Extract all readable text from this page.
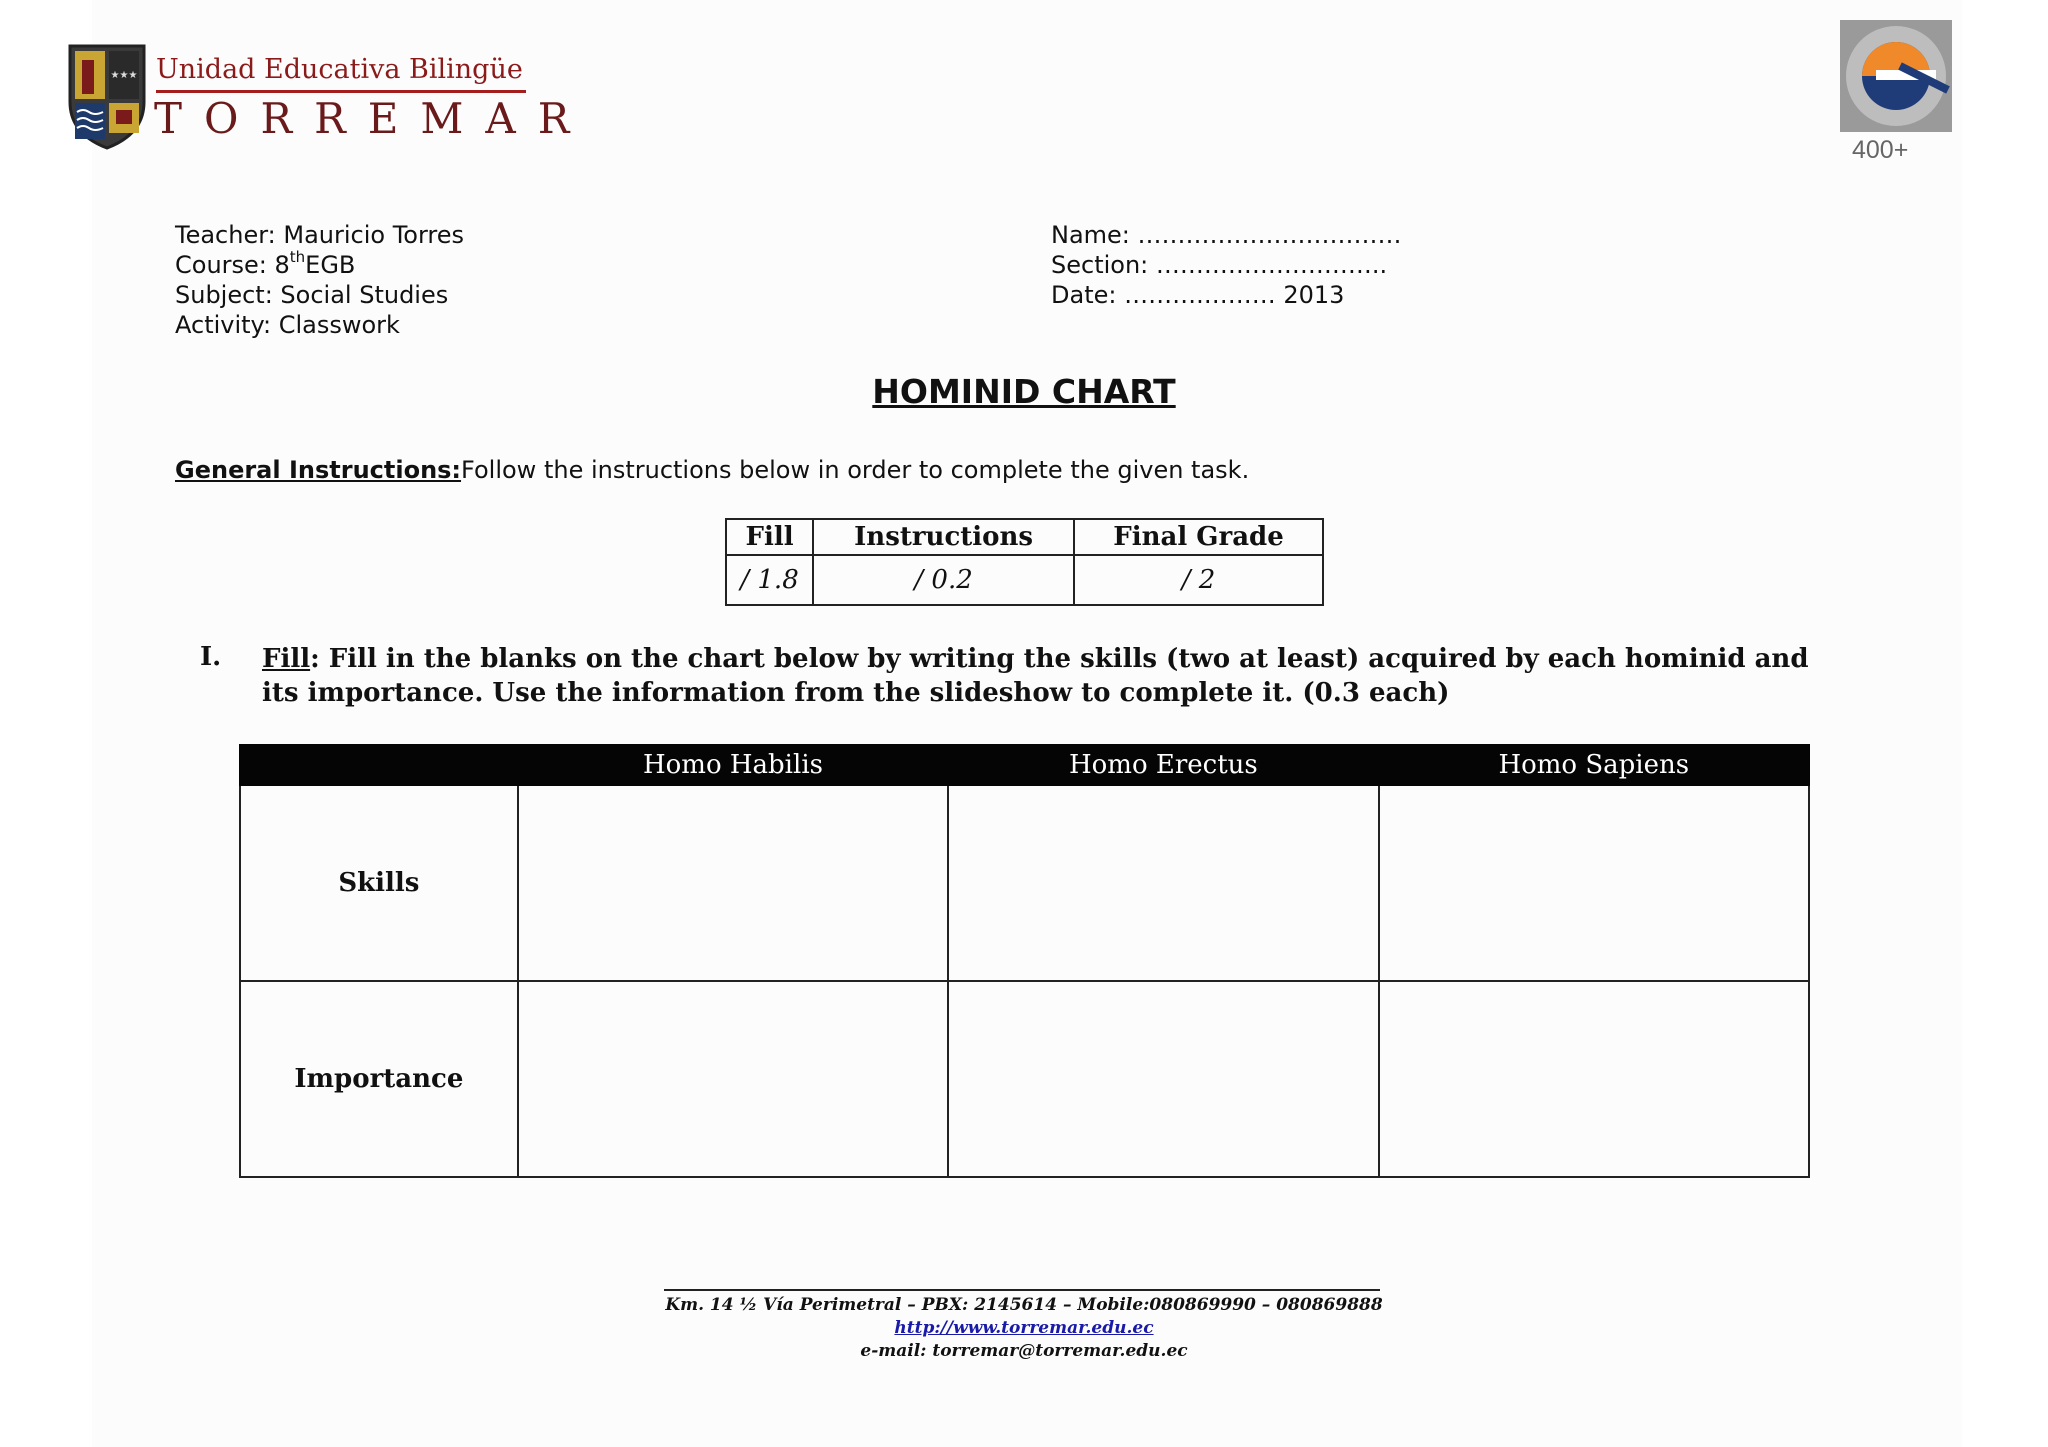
★★★ Unidad Educativa Bilingüe
TORREMAR
400+
Teacher: Mauricio Torres
Course: 8thEGB
Subject: Social Studies
Activity: Classwork
Name: ……………………………
Section: ………………………..
Date: ……….……… 2013
HOMINID CHART
General Instructions:Follow the instructions below in order to complete the given task.
Fill	Instructions	Final Grade
/ 1.8	/ 0.2	/ 2
I. Fill: Fill in the blanks on the chart below by writing the skills (two at least) acquired by each hominid and its importance. Use the information from the slideshow to complete it. (0.3 each)
	Homo Habilis	Homo Erectus	Homo Sapiens
Skills			
Importance			
Km. 14 ½ Vía Perimetral – PBX: 2145614 – Mobile:080869990 – 080869888
http://www.torremar.edu.ec
e-mail: torremar@torremar.edu.ec
